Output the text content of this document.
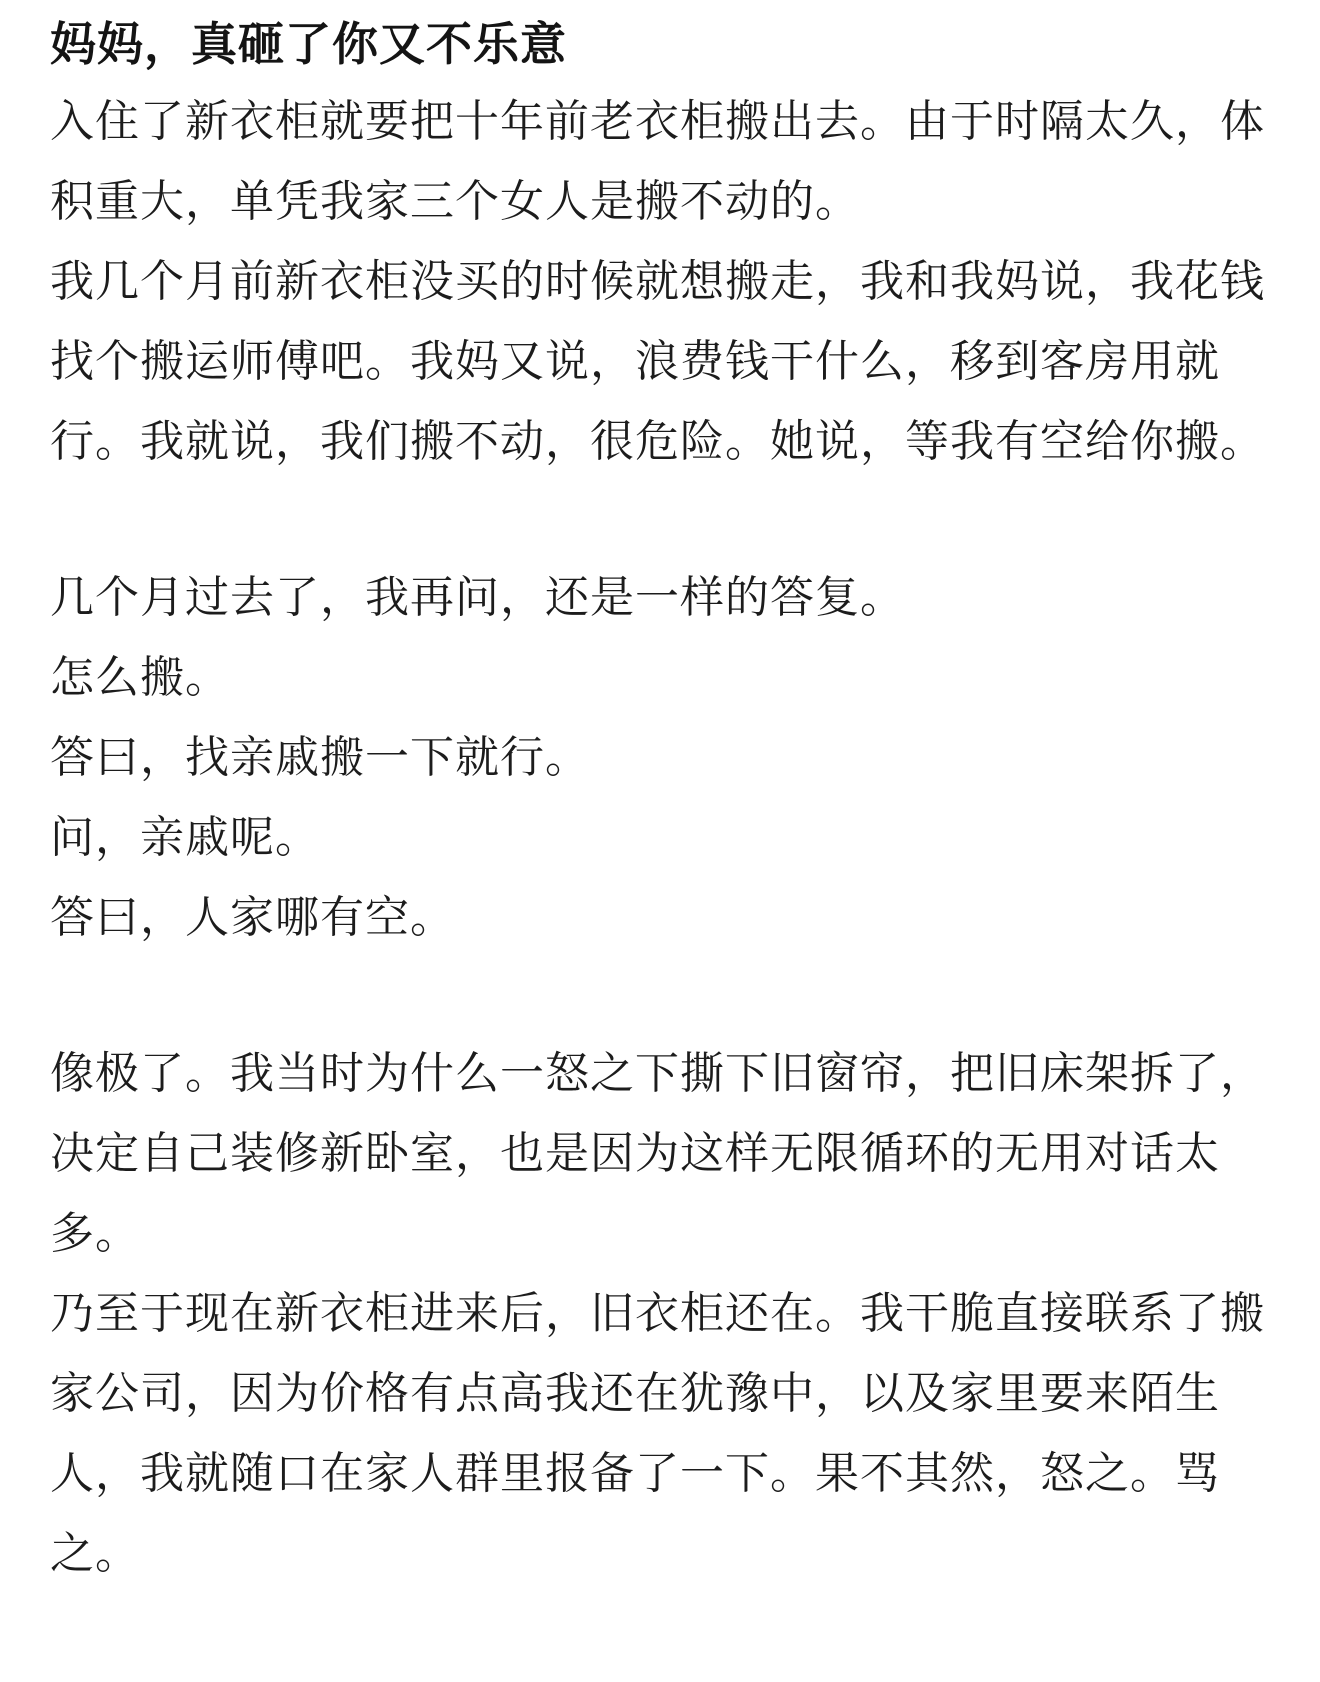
妈妈，真砸了你又不乐意

入住了新衣柜就要把十年前老衣柜搬出去。由于时隔太久，体积重大，单凭我家三个女人是搬不动的。

我几个月前新衣柜没买的时候就想搬走，我和我妈说，我花钱找个搬运师傅吧。我妈又说，浪费钱干什么，移到客房用就行。我就说，我们搬不动，很危险。她说，等我有空给你搬。

几个月过去了，我再问，还是一样的答复。

怎么搬。

答曰，找亲戚搬一下就行。

问，亲戚呢。

答曰，人家哪有空。

像极了。我当时为什么一怒之下撕下旧窗帘，把旧床架拆了，决定自己装修新卧室，也是因为这样无限循环的无用对话太多。

乃至于现在新衣柜进来后，旧衣柜还在。我干脆直接联系了搬家公司，因为价格有点高我还在犹豫中，以及家里要来陌生人，我就随口在家人群里报备了一下。果不其然，怒之。骂之。
